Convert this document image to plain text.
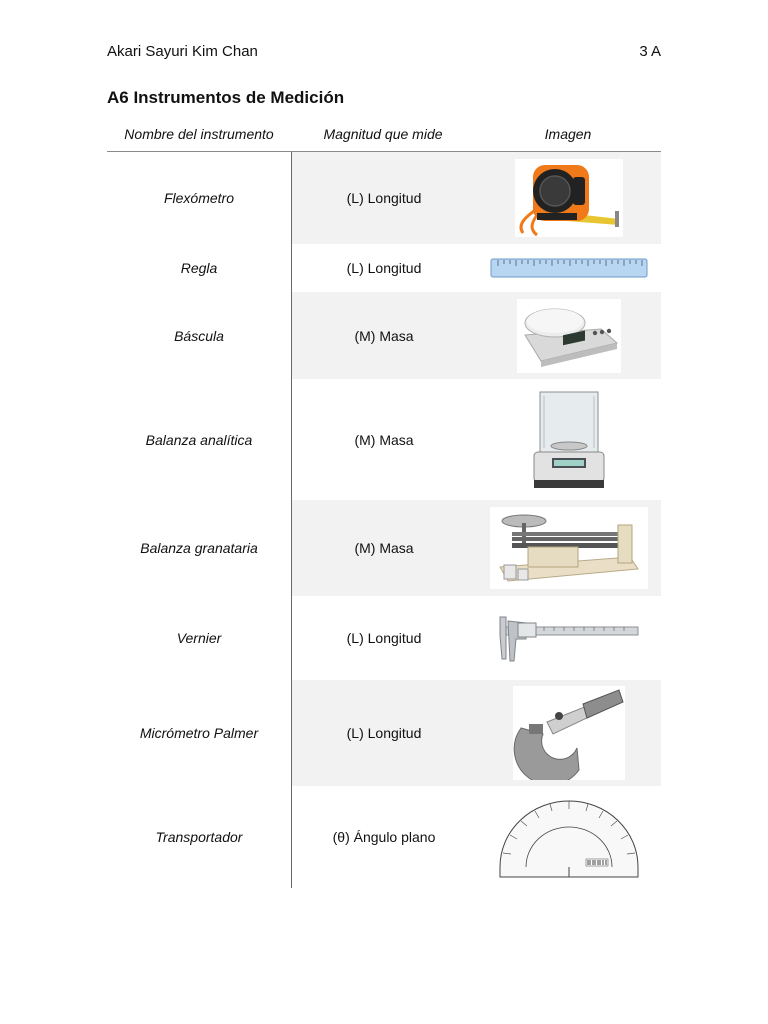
Akari Sayuri Kim Chan	3 A
A6 Instrumentos de Medición
Nombre del instrumento	Magnitud que mide	Imagen
Flexómetro	(L) Longitud
Regla	(L) Longitud
Báscula	(M) Masa
Balanza analítica	(M) Masa
Balanza granataria	(M) Masa
Vernier	(L) Longitud
Micrómetro Palmer	(L) Longitud
Transportador	(θ) Ángulo plano
